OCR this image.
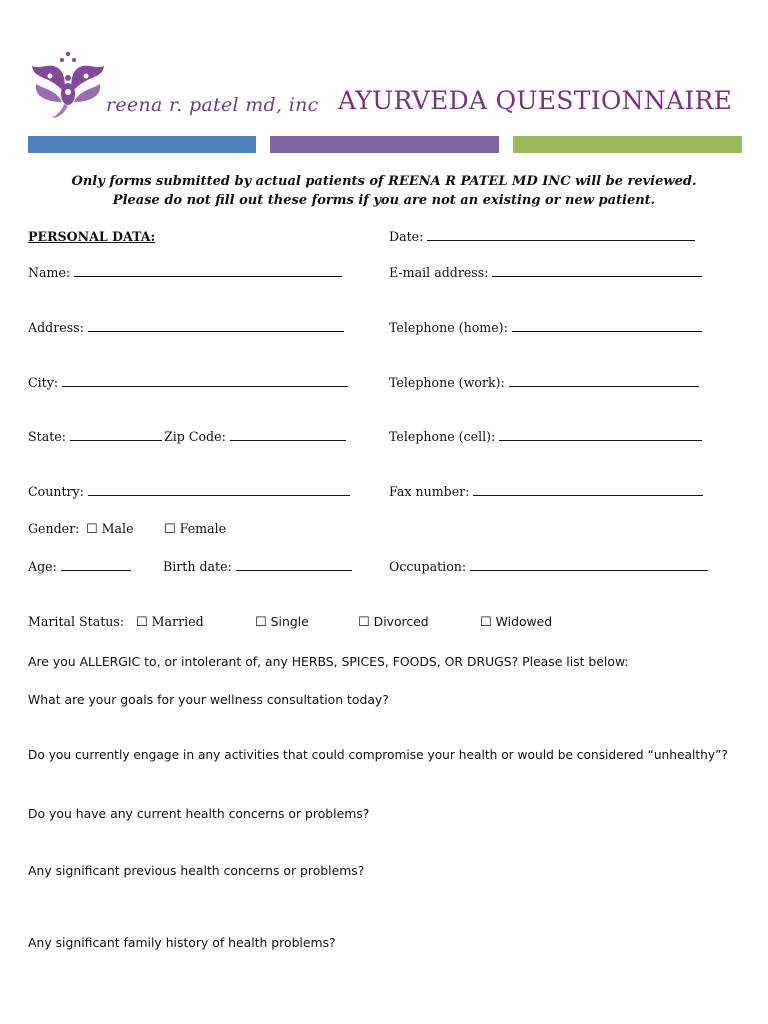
reena r. patel md, inc AYURVEDA QUESTIONNAIRE
Only forms submitted by actual patients of REENA R PATEL MD INC will be reviewed.
Please do not fill out these forms if you are not an existing or new patient.
PERSONAL DATA:	Date:
Name:	E-mail address:
Address:	Telephone (home):
City:	Telephone (work):
State:	Zip Code:	Telephone (cell):
Country:	Fax number:
Gender: ☐ Male ☐ Female
Age:	Birth date:	Occupation:
Marital Status: ☐ Married	☐ Single	☐ Divorced	☐ Widowed
Are you ALLERGIC to, or intolerant of, any HERBS, SPICES, FOODS, OR DRUGS? Please list below:
What are your goals for your wellness consultation today?
Do you currently engage in any activities that could compromise your health or would be considered “unhealthy”?
Do you have any current health concerns or problems?
Any significant previous health concerns or problems?
Any significant family history of health problems?
